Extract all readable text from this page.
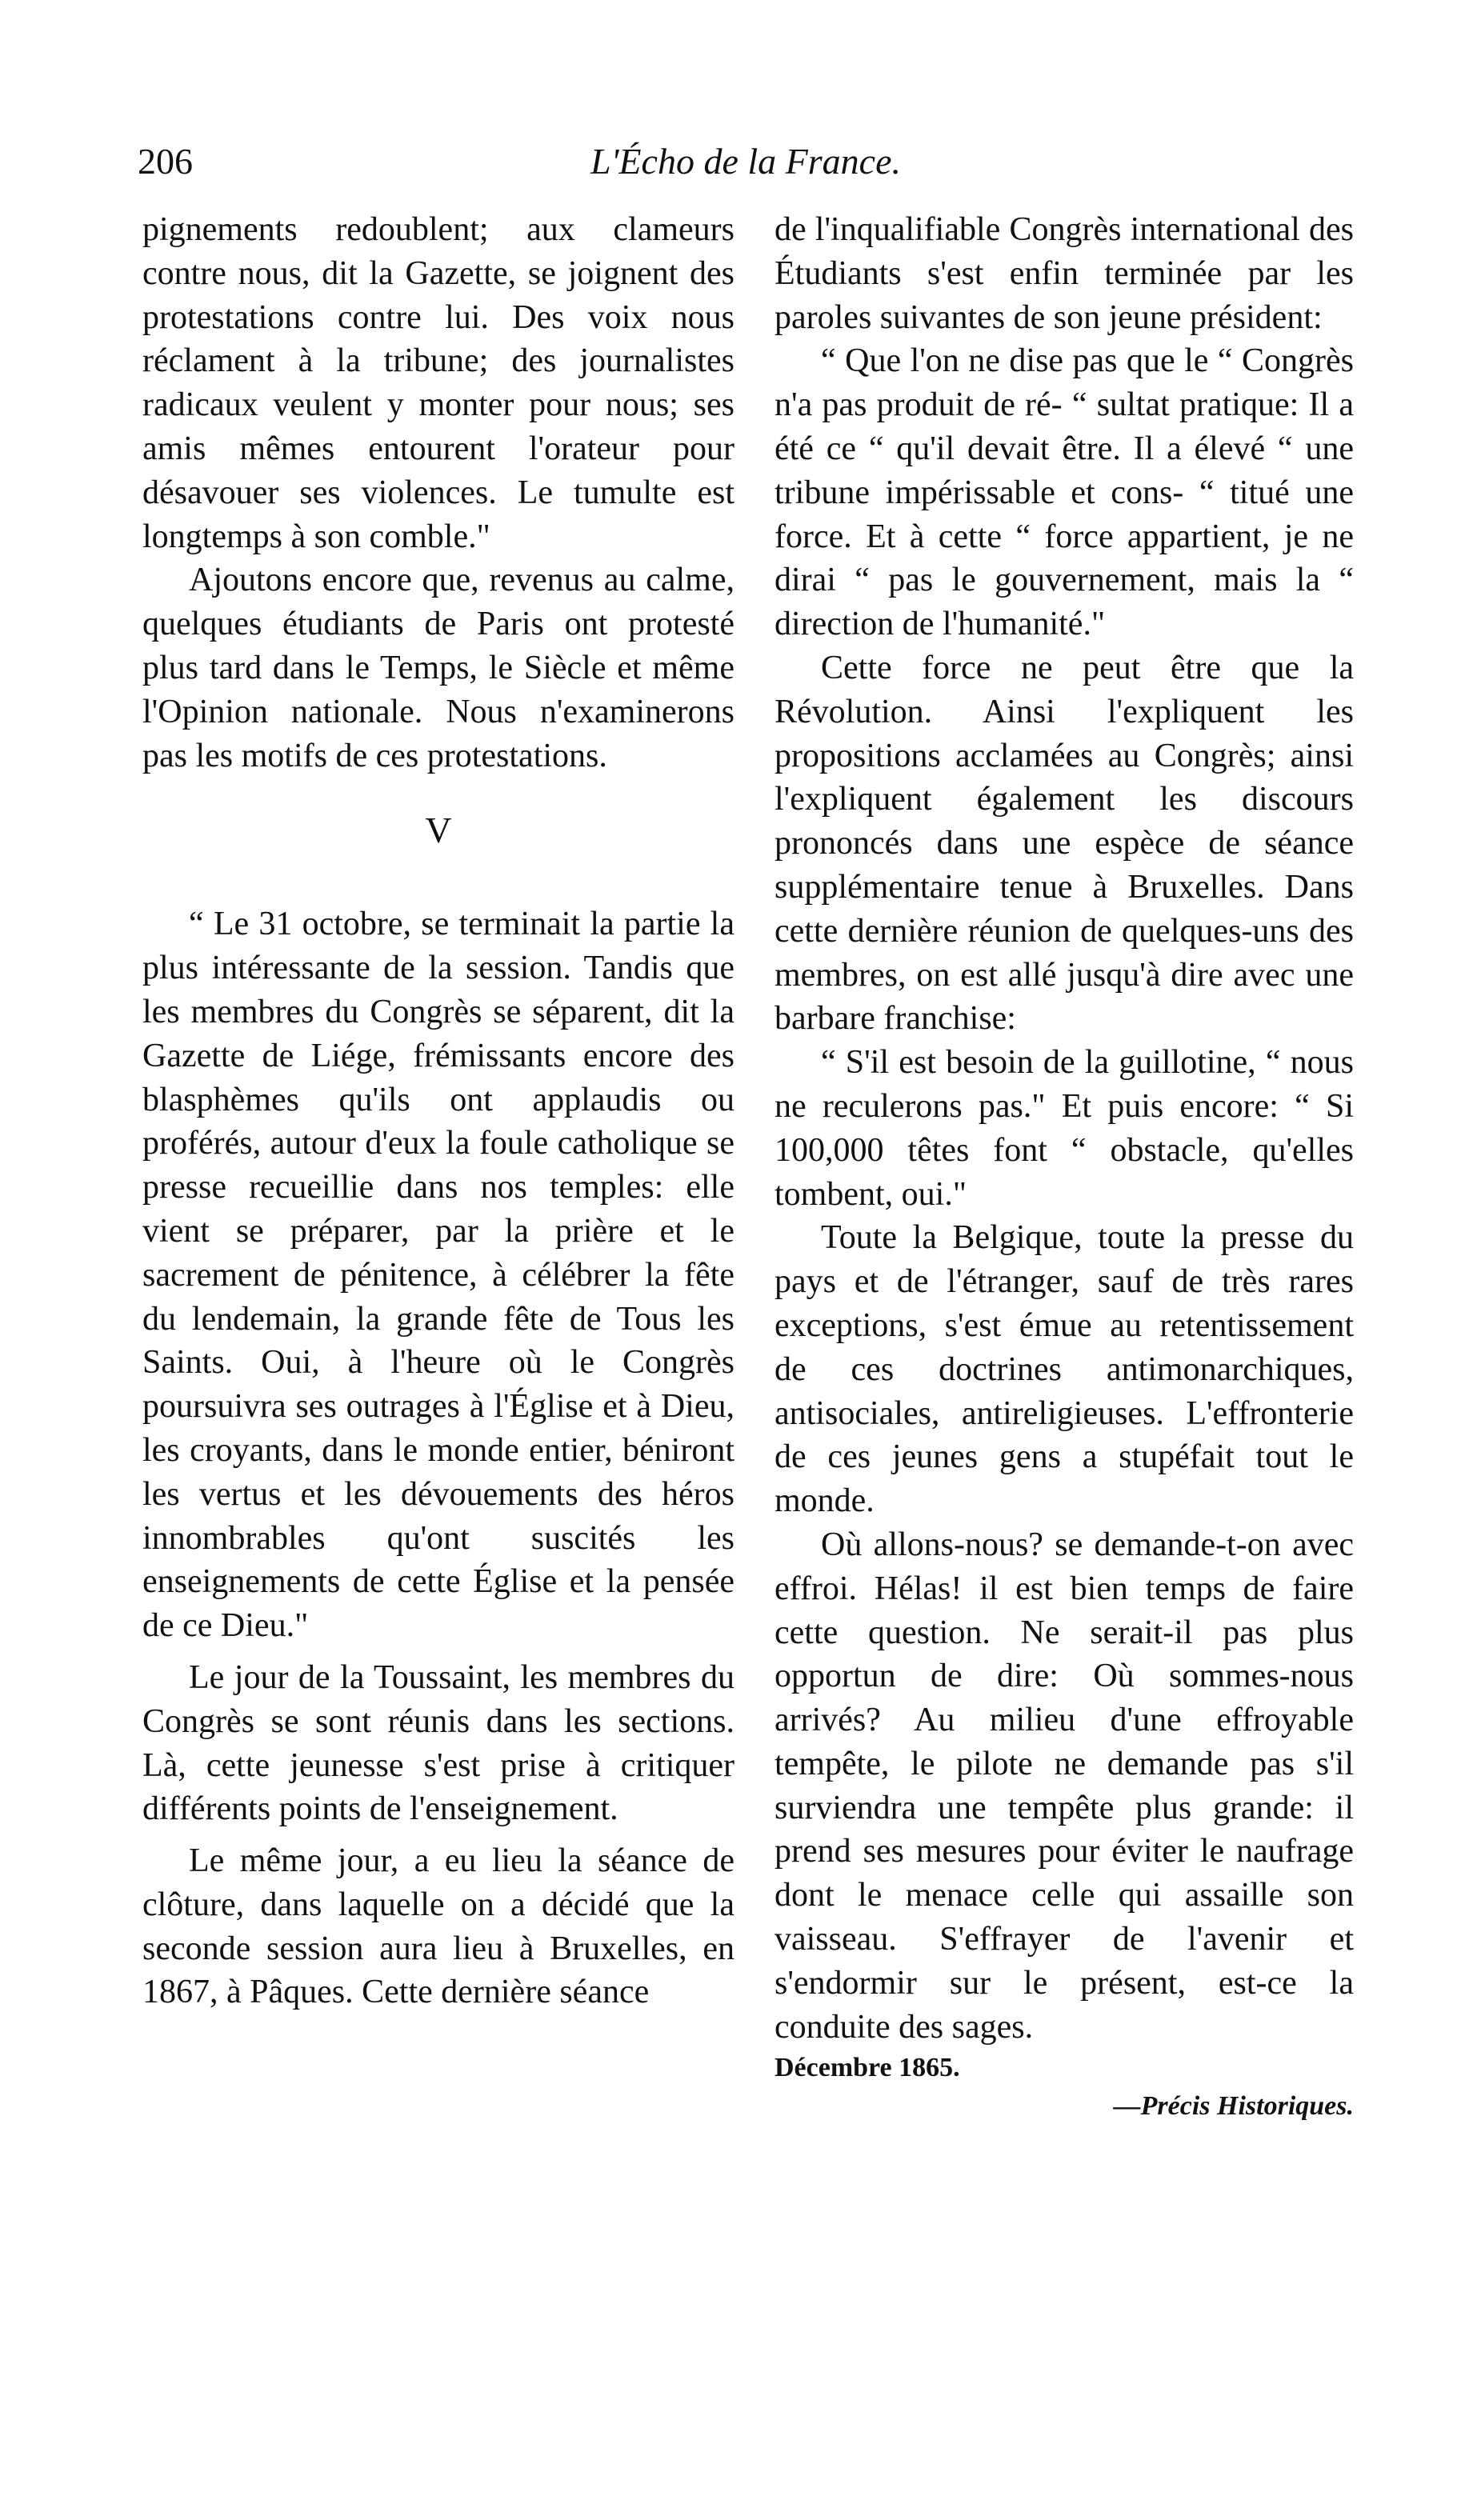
206	L'Écho de la France.

pignements redoublent; aux clameurs contre nous, dit la Gazette, se joignent des protestations contre lui. Des voix nous réclament à la tribune; des journalistes radicaux veulent y monter pour nous; ses amis mêmes entourent l'orateur pour désavouer ses violences. Le tumulte est longtemps à son comble."

Ajoutons encore que, revenus au calme, quelques étudiants de Paris ont protesté plus tard dans le Temps, le Siècle et même l'Opinion nationale. Nous n'examinerons pas les motifs de ces protestations.

V

“ Le 31 octobre, se terminait la partie la plus intéressante de la session. Tandis que les membres du Congrès se séparent, dit la Gazette de Liége, frémissants encore des blasphèmes qu'ils ont applaudis ou proférés, autour d'eux la foule catholique se presse recueillie dans nos temples: elle vient se préparer, par la prière et le sacrement de pénitence, à célébrer la fête du lendemain, la grande fête de Tous les Saints. Oui, à l'heure où le Congrès poursuivra ses outrages à l'Église et à Dieu, les croyants, dans le monde entier, béniront les vertus et les dévouements des héros innombrables qu'ont suscités les enseignements de cette Église et la pensée de ce Dieu."

Le jour de la Toussaint, les membres du Congrès se sont réunis dans les sections. Là, cette jeunesse s'est prise à critiquer différents points de l'enseignement.

Le même jour, a eu lieu la séance de clôture, dans laquelle on a décidé que la seconde session aura lieu à Bruxelles, en 1867, à Pâques. Cette dernière séance

de l'inqualifiable Congrès international des Étudiants s'est enfin terminée par les paroles suivantes de son jeune président:

“ Que l'on ne dise pas que le “ Congrès n'a pas produit de ré- “ sultat pratique: Il a été ce “ qu'il devait être. Il a élevé “ une tribune impérissable et cons- “ titué une force. Et à cette “ force appartient, je ne dirai “ pas le gouvernement, mais la “ direction de l'humanité."

Cette force ne peut être que la Révolution. Ainsi l'expliquent les propositions acclamées au Congrès; ainsi l'expliquent également les discours prononcés dans une espèce de séance supplémentaire tenue à Bruxelles. Dans cette dernière réunion de quelques-uns des membres, on est allé jusqu'à dire avec une barbare franchise:

“ S'il est besoin de la guillotine, “ nous ne reculerons pas." Et puis encore: “ Si 100,000 têtes font “ obstacle, qu'elles tombent, oui."

Toute la Belgique, toute la presse du pays et de l'étranger, sauf de très rares exceptions, s'est émue au retentissement de ces doctrines antimonarchiques, antisociales, antireligieuses. L'effronterie de ces jeunes gens a stupéfait tout le monde.

Où allons-nous? se demande-t-on avec effroi. Hélas! il est bien temps de faire cette question. Ne serait-il pas plus opportun de dire: Où sommes-nous arrivés? Au milieu d'une effroyable tempête, le pilote ne demande pas s'il surviendra une tempête plus grande: il prend ses mesures pour éviter le naufrage dont le menace celle qui assaille son vaisseau. S'effrayer de l'avenir et s'endormir sur le présent, est-ce la conduite des sages.

Décembre 1865.

—Précis Historiques.
